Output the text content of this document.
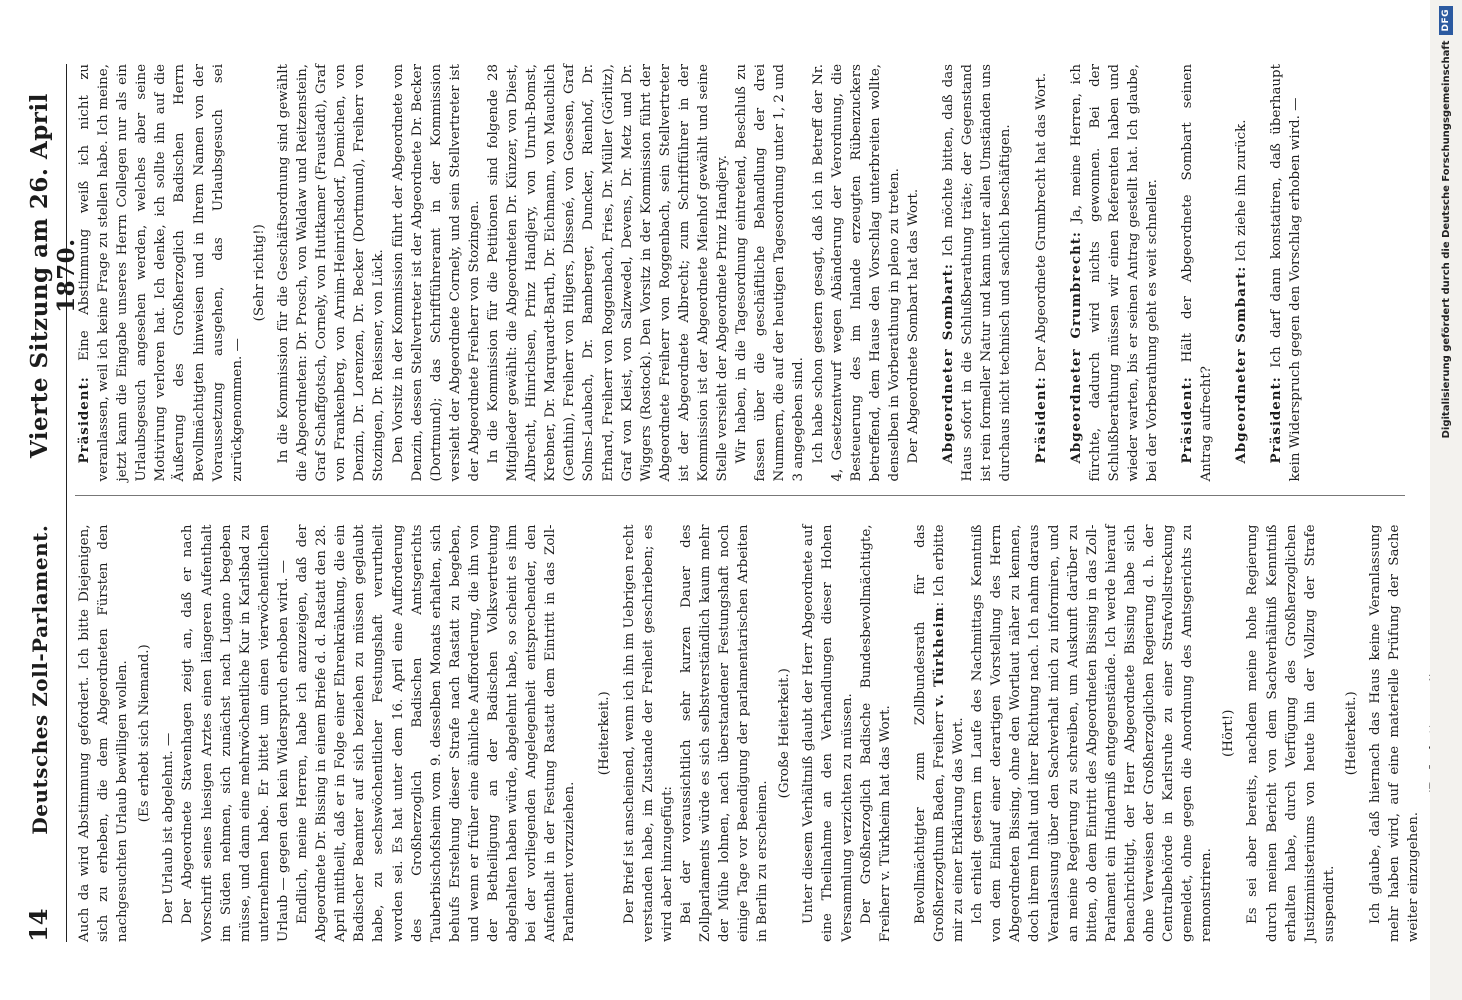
14
Deutsches Zoll-Parlament.
Vierte Sitzung am 26. April 1870.

Auch da wird Abstimmung gefordert. Ich bitte Diejenigen, sich zu erheben, die dem Abgeordneten Fürsten den nachgesuchten Urlaub bewilligen wollen. (Es erhebt sich Niemand.) Der Urlaub ist abgelehnt. — Der Abgeordnete Stavenhagen zeigt an, daß er nach Vorschrift seines hiesigen Arztes einen längeren Aufenthalt im Süden nehmen, sich zunächst nach Lugano begeben müsse, und dann eine mehrwöchentliche Kur in Karlsbad zu unternehmen habe. Er bittet um einen vierwöchentlichen Urlaub — gegen den kein Widerspruch erhoben wird. — Endlich, meine Herren, habe ich anzuzeigen, daß der Abgeordnete Dr. Bissing in einem Briefe d. d. Rastatt den 28. April mittheilt, daß er in Folge einer Ehrenkränkung, die ein Badischer Beamter auf sich beziehen zu müssen geglaubt habe, zu sechswöchentlicher Festungshaft verurtheilt worden sei. Es hat unter dem 16. April eine Aufforderung des Großherzoglich Badischen Amtsgerichts Tauberbischofsheim vom 9. desselben Monats erhalten, sich behufs Erstehung dieser Strafe nach Rastatt zu begeben, und wenn er früher eine ähnliche Aufforderung, die ihn von der Betheiligung an der Badischen Volksvertretung abgehalten haben würde, abgelehnt habe, so scheint es ihm bei der vorliegenden Angelegenheit entsprechender, den Aufenthalt in der Festung Rastatt dem Eintritt in das Zoll-Parlament vorzuziehen.

(Heiterkeit.) Der Brief ist anscheinend, wenn ich ihn im Uebrigen recht verstanden habe, im Zustande der Freiheit geschrieben; es wird aber hinzugefügt: Bei der voraussichtlich sehr kurzen Dauer des Zollparlaments würde es sich selbstverständlich kaum mehr der Mühe lohnen, nach überstandener Festungshaft noch einige Tage vor Beendigung der parlamentarischen Arbeiten in Berlin zu erscheinen.

(Große Heiterkeit.) Unter diesem Verhältniß glaubt der Herr Abgeordnete auf eine Theilnahme an den Verhandlungen dieser Hohen Versammlung verzichten zu müssen. Der Großherzoglich Badische Bundesbevollmächtigte, Freiherr v. Türkheim hat das Wort. Bevollmächtigter zum Zollbundesrath für das Großherzogthum Baden, Freiherr v. Türkheim: Ich erbitte mir zu einer Erklärung das Wort. Ich erhielt gestern im Laufe des Nachmittags Kenntniß von dem Einlauf einer derartigen Vorstellung des Herrn Abgeordneten Bissing, ohne den Wortlaut näher zu kennen, doch ihrem Inhalt und ihrer Richtung nach. Ich nahm daraus Veranlassung über den Sachverhalt mich zu informiren, und an meine Regierung zu schreiben, um Auskunft darüber zu bitten, ob dem Eintritt des Abgeordneten Bissing in das Zoll-Parlament ein Hinderniß entgegenstände. Ich werde hierauf benachrichtigt, der Herr Abgeordnete Bissing habe sich ohne Verweisen der Großherzoglichen Regierung d. h. der Centralbehörde in Karlsruhe zu einer Strafvollstreckung gemeldet, ohne gegen die Anordnung des Amtsgerichts zu remonstriren.

(Hört!) Es sei aber bereits, nachdem meine hohe Regierung durch meinen Bericht von dem Sachverhältniß Kenntniß erhalten habe, durch Verfügung des Großherzoglichen Justizministeriums von heute hin der Vollzug der Strafe suspendirt.

(Heiterkeit.) Ich glaube, daß hiernach das Haus keine Veranlassung mehr haben wird, auf eine materielle Prüfung der Sache weiter einzugehen.

Präsident: Eine Abstimmung weiß ich nicht zu veranlassen, weil ich keine Frage zu stellen habe. Ich meine, jetzt kann die Eingabe unseres Herrn Collegen nur als ein Urlaubsgesuch angesehen werden, welches aber seine Motivirung verloren hat. Ich denke, ich sollte ihn auf die Äußerung des Großherzoglich Badischen Herrn Bevollmächtigten hinweisen und in Ihrem Namen von der Voraussetzung ausgehen, das Urlaubsgesuch sei zurückgenommen. —

(Sehr richtig!) In die Kommission für die Geschäftsordnung sind gewählt die Abgeordneten: Dr. Prosch, von Waldaw und Reitzenstein, Graf Schaffgotsch, Cornely, von Huttkamer (Fraustadt), Graf von Frankenberg, von Arnim-Heinrichsdorf, Demichen, von Denzin, Dr. Lorenzen, Dr. Becker (Dortmund), Freiherr von Stozingen, Dr. Reissner, von Lück. Den Vorsitz in der Kommission führt der Abgeordnete von Denzin, dessen Stellvertreter ist der Abgeordnete Dr. Becker (Dortmund); das Schriftführeramt in der Kommission versieht der Abgeordnete Cornely, und sein Stellvertreter ist der Abgeordnete Freiherr von Stozingen. In die Kommission für die Petitionen sind folgende 28 Mitglieder gewählt: die Abgeordneten Dr. Künzer, von Diest, Albrecht, Hinrichsen, Prinz Handjery, von Unruh-Bomst, Krebner, Dr. Marquardt-Barth, Dr. Eichmann, von Mauchlich (Genthin), Freiherr von Hilgers, Dissené, von Goessen, Graf Solms-Laubach, Dr. Bamberger, Duncker, Rienhof, Dr. Erhard, Freiherr von Roggenbach, Fries, Dr. Müller (Görlitz), Graf von Kleist, von Salzwedel, Devens, Dr. Metz und Dr. Wiggers (Rostock). Den Vorsitz in der Kommission führt der Abgeordnete Freiherr von Roggenbach, sein Stellvertreter ist der Abgeordnete Albrecht; zum Schriftführer in der Kommission ist der Abgeordnete Mienhof gewählt und seine Stelle versieht der Abgeordnete Prinz Handjery. Wir haben, in die Tagesordnung eintretend, Beschluß zu fassen über die geschäftliche Behandlung der drei Nummern, die auf der heutigen Tagesordnung unter 1, 2 und 3 angegeben sind. Ich habe schon gestern gesagt, daß ich in Betreff der Nr. 4, Gesetzentwurf wegen Abänderung der Verordnung, die Besteuerung des im Inlande erzeugten Rübenzuckers betreffend, dem Hause den Vorschlag unterbreiten wollte, denselben in Vorberathung in pleno zu treten. Der Abgeordnete Sombart hat das Wort. Abgeordneter Sombart: Ich möchte bitten, daß das Haus sofort in die Schlußberathung träte; der Gegenstand ist rein formeller Natur und kann unter allen Umständen uns durchaus nicht technisch und sachlich beschäftigen. Präsident: Der Abgeordnete Grumbrecht hat das Wort. Abgeordneter Grumbrecht: Ja, meine Herren, ich fürchte, dadurch wird nichts gewonnen. Bei der Schlußberathung müssen wir einen Referenten haben und wieder warten, bis er seinen Antrag gestellt hat. Ich glaube, bei der Vorberathung geht es weit schneller. Präsident: Hält der Abgeordnete Sombart seinen Antrag aufrecht? Abgeordneter Sombart: Ich ziehe ihn zurück.

Präsident: Ich darf dann konstatiren, daß überhaupt kein Widerspruch gegen den Vorschlag erhoben wird. —	Digitalisierung gefördert durch die Deutsche Forschungsgemeinschaft
DFG
